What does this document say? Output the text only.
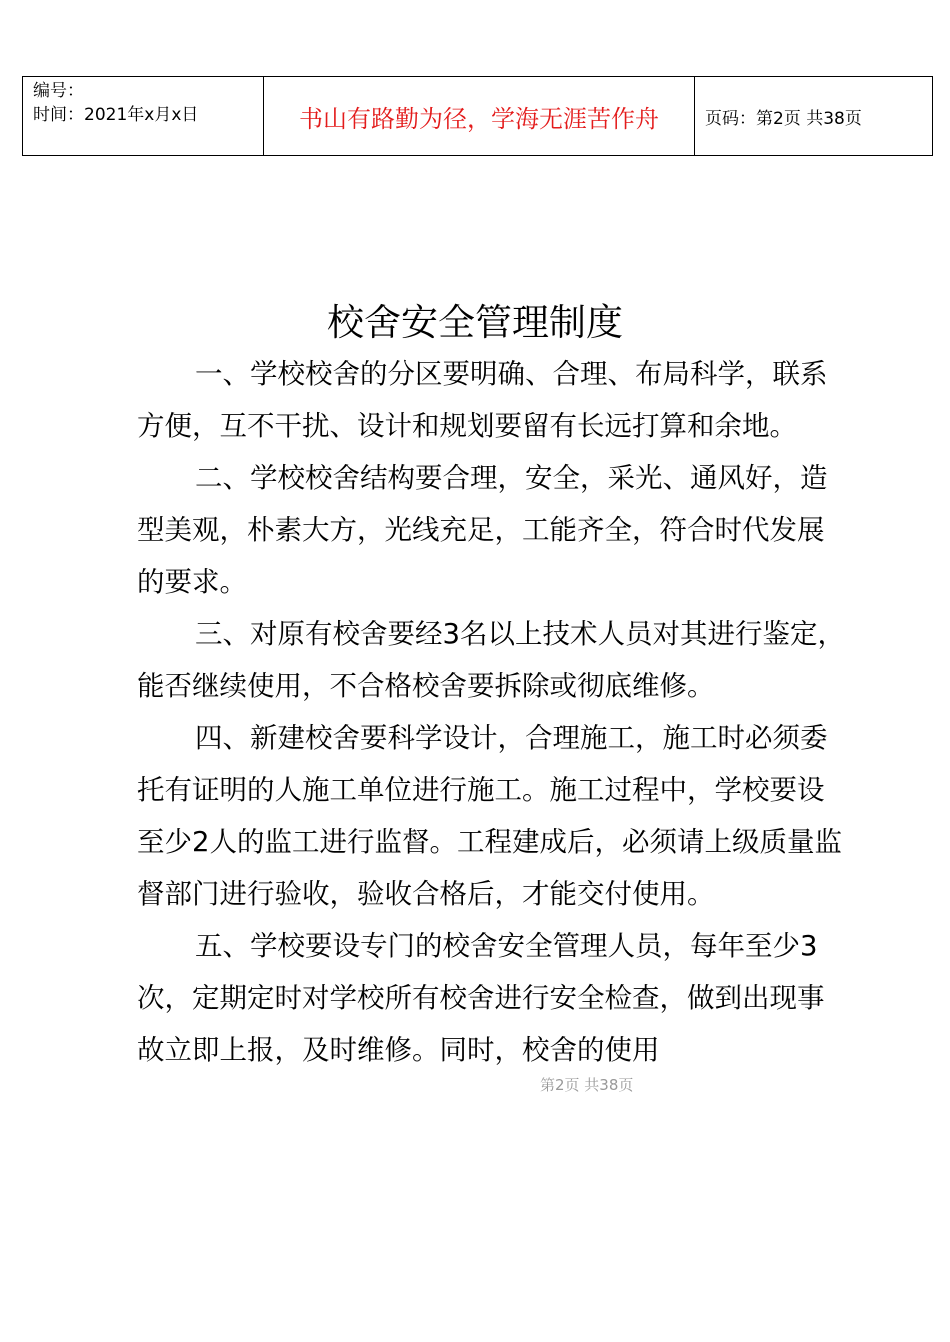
编号：
时间：2021年x月x日	书山有路勤为径，学海无涯苦作舟	页码：第2页 共38页
校舍安全管理制度

一、学校校舍的分区要明确、合理、布局科学，联系方便，互不干扰、设计和规划要留有长远打算和余地。

二、学校校舍结构要合理，安全，采光、通风好，造型美观，朴素大方，光线充足，工能齐全，符合时代发展的要求。

三、对原有校舍要经3名以上技术人员对其进行鉴定，能否继续使用，不合格校舍要拆除或彻底维修。

四、新建校舍要科学设计，合理施工，施工时必须委托有证明的人施工单位进行施工。施工过程中，学校要设至少2人的监工进行监督。工程建成后，必须请上级质量监督部门进行验收，验收合格后，才能交付使用。

五、学校要设专门的校舍安全管理人员，每年至少3次，定期定时对学校所有校舍进行安全检查，做到出现事故立即上报，及时维修。同时，校舍的使用

第2页 共38页
